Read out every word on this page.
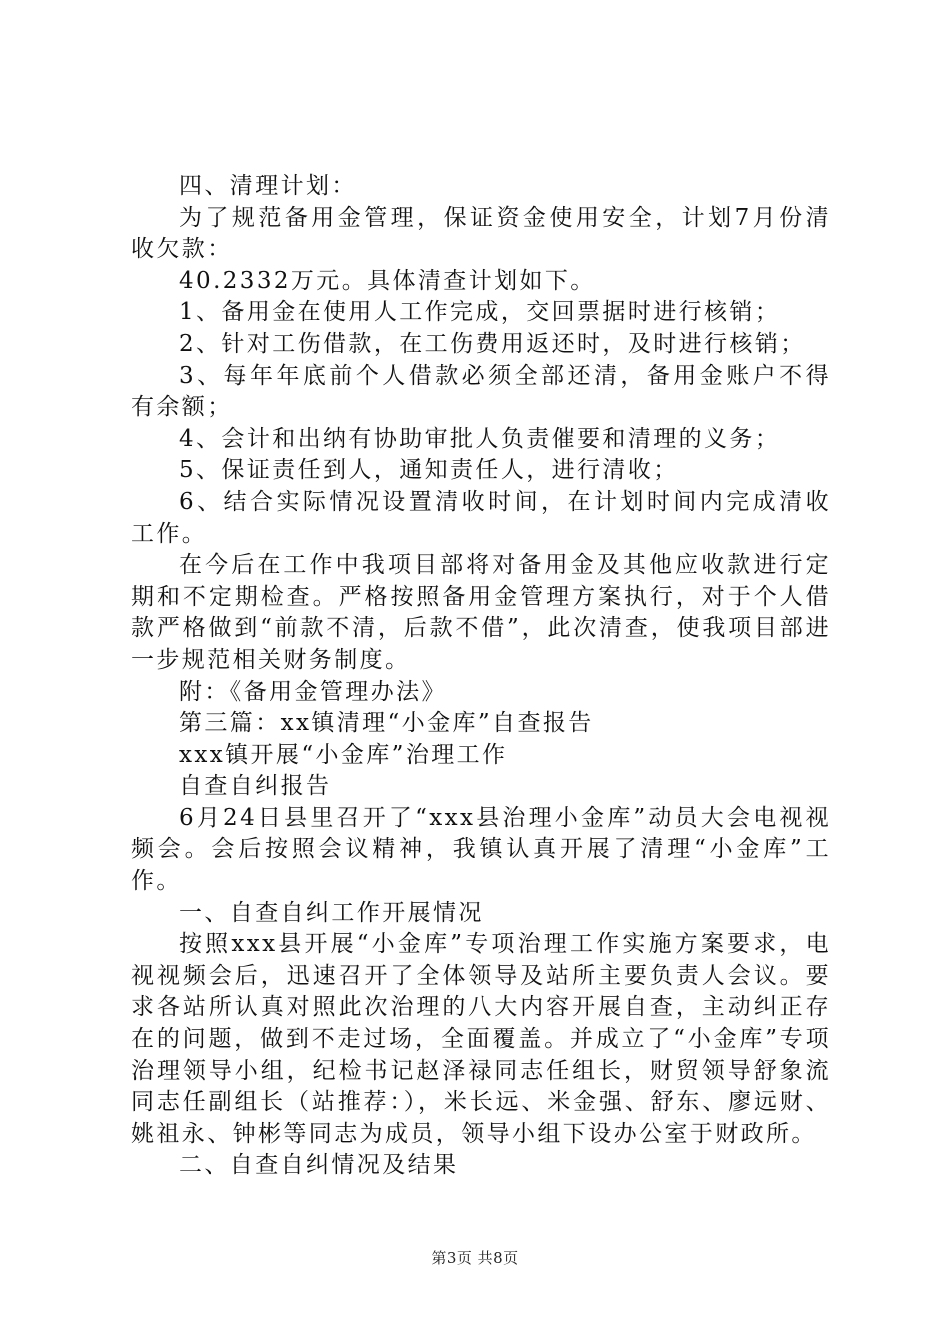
四、清理计划：

为了规范备用金管理，保证资金使用安全，计划7月份清收欠款：

40.2332万元。具体清查计划如下。

1、备用金在使用人工作完成，交回票据时进行核销；

2、针对工伤借款，在工伤费用返还时，及时进行核销；

3、每年年底前个人借款必须全部还清，备用金账户不得有余额；

4、会计和出纳有协助审批人负责催要和清理的义务；

5、保证责任到人，通知责任人，进行清收；

6、结合实际情况设置清收时间，在计划时间内完成清收工作。

在今后在工作中我项目部将对备用金及其他应收款进行定期和不定期检查。严格按照备用金管理方案执行，对于个人借款严格做到“前款不清，后款不借”，此次清查，使我项目部进一步规范相关财务制度。

附：《备用金管理办法》

第三篇：xx镇清理“小金库”自查报告

xxx镇开展“小金库”治理工作

自查自纠报告

6月24日县里召开了“xxx县治理小金库”动员大会电视视频会。会后按照会议精神，我镇认真开展了清理“小金库”工作。

一、自查自纠工作开展情况

按照xxx县开展“小金库”专项治理工作实施方案要求，电视视频会后，迅速召开了全体领导及站所主要负责人会议。要求各站所认真对照此次治理的八大内容开展自查，主动纠正存在的问题，做到不走过场，全面覆盖。并成立了“小金库”专项治理领导小组，纪检书记赵泽禄同志任组长，财贸领导舒象流同志任副组长（站推荐：），米长远、米金强、舒东、廖远财、姚祖永、钟彬等同志为成员，领导小组下设办公室于财政所。

二、自查自纠情况及结果

第3页 共8页
